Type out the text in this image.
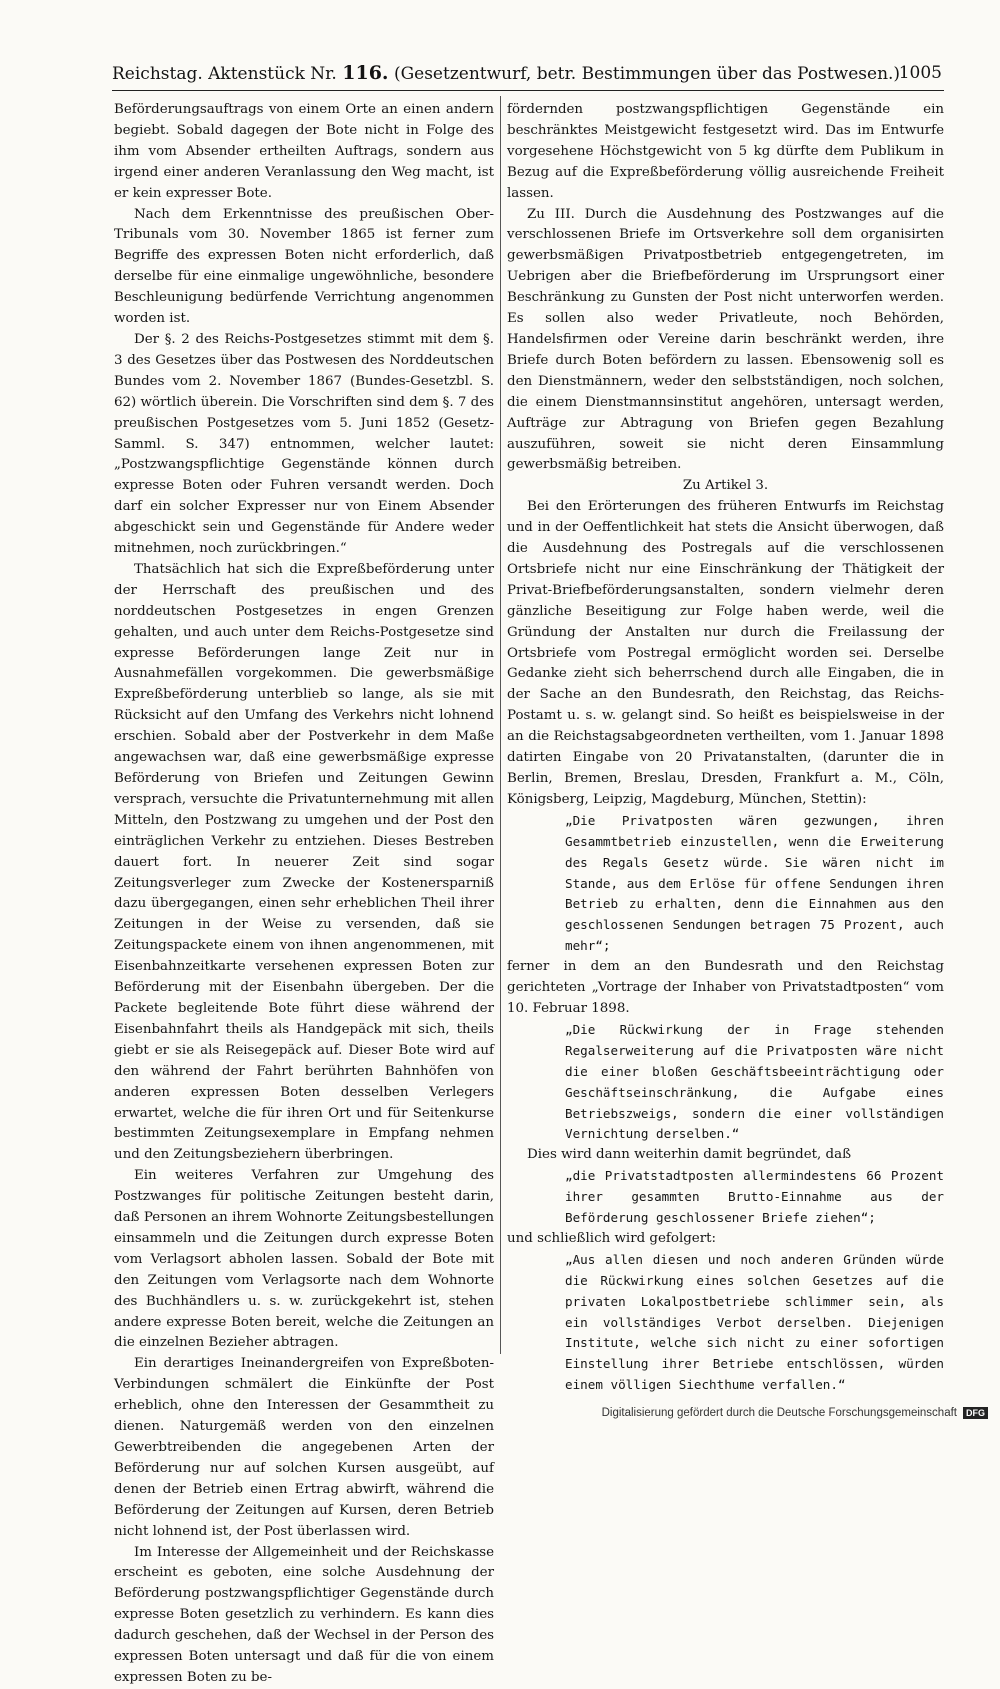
Reichstag. Aktenstück Nr. 116. (Gesetzentwurf, betr. Bestimmungen über das Postwesen.)
1005

Beförderungsauftrags von einem Orte an einen andern begiebt. Sobald dagegen der Bote nicht in Folge des ihm vom Absender ertheilten Auftrags, sondern aus irgend einer anderen Veranlassung den Weg macht, ist er kein expresser Bote.

Nach dem Erkenntnisse des preußischen Ober-Tribunals vom 30. November 1865 ist ferner zum Begriffe des expressen Boten nicht erforderlich, daß derselbe für eine einmalige ungewöhnliche, besondere Beschleunigung bedürfende Verrichtung angenommen worden ist.

Der §. 2 des Reichs-Postgesetzes stimmt mit dem §. 3 des Gesetzes über das Postwesen des Norddeutschen Bundes vom 2. November 1867 (Bundes-Gesetzbl. S. 62) wörtlich überein. Die Vorschriften sind dem §. 7 des preußischen Postgesetzes vom 5. Juni 1852 (Gesetz-Samml. S. 347) entnommen, welcher lautet: „Postzwangspflichtige Gegenstände können durch expresse Boten oder Fuhren versandt werden. Doch darf ein solcher Expresser nur von Einem Absender abgeschickt sein und Gegenstände für Andere weder mitnehmen, noch zurückbringen.“

Thatsächlich hat sich die Expreßbeförderung unter der Herrschaft des preußischen und des norddeutschen Postgesetzes in engen Grenzen gehalten, und auch unter dem Reichs-Postgesetze sind expresse Beförderungen lange Zeit nur in Ausnahmefällen vorgekommen. Die gewerbsmäßige Expreßbeförderung unterblieb so lange, als sie mit Rücksicht auf den Umfang des Verkehrs nicht lohnend erschien. Sobald aber der Postverkehr in dem Maße angewachsen war, daß eine gewerbsmäßige expresse Beförderung von Briefen und Zeitungen Gewinn versprach, versuchte die Privatunternehmung mit allen Mitteln, den Postzwang zu umgehen und der Post den einträglichen Verkehr zu entziehen. Dieses Bestreben dauert fort. In neuerer Zeit sind sogar Zeitungsverleger zum Zwecke der Kostenersparniß dazu übergegangen, einen sehr erheblichen Theil ihrer Zeitungen in der Weise zu versenden, daß sie Zeitungspackete einem von ihnen angenommenen, mit Eisenbahnzeitkarte versehenen expressen Boten zur Beförderung mit der Eisenbahn übergeben. Der die Packete begleitende Bote führt diese während der Eisenbahnfahrt theils als Handgepäck mit sich, theils giebt er sie als Reisegepäck auf. Dieser Bote wird auf den während der Fahrt berührten Bahnhöfen von anderen expressen Boten desselben Verlegers erwartet, welche die für ihren Ort und für Seitenkurse bestimmten Zeitungsexemplare in Empfang nehmen und den Zeitungsbeziehern überbringen.

Ein weiteres Verfahren zur Umgehung des Postzwanges für politische Zeitungen besteht darin, daß Personen an ihrem Wohnorte Zeitungsbestellungen einsammeln und die Zeitungen durch expresse Boten vom Verlagsort abholen lassen. Sobald der Bote mit den Zeitungen vom Verlagsorte nach dem Wohnorte des Buchhändlers u. s. w. zurückgekehrt ist, stehen andere expresse Boten bereit, welche die Zeitungen an die einzelnen Bezieher abtragen.

Ein derartiges Ineinandergreifen von Expreßboten-Verbindungen schmälert die Einkünfte der Post erheblich, ohne den Interessen der Gesammtheit zu dienen. Naturgemäß werden von den einzelnen Gewerbtreibenden die angegebenen Arten der Beförderung nur auf solchen Kursen ausgeübt, auf denen der Betrieb einen Ertrag abwirft, während die Beförderung der Zeitungen auf Kursen, deren Betrieb nicht lohnend ist, der Post überlassen wird.

Im Interesse der Allgemeinheit und der Reichskasse erscheint es geboten, eine solche Ausdehnung der Beförderung postzwangspflichtiger Gegenstände durch expresse Boten gesetzlich zu verhindern. Es kann dies dadurch geschehen, daß der Wechsel in der Person des expressen Boten untersagt und daß für die von einem expressen Boten zu be-

fördernden postzwangspflichtigen Gegenstände ein beschränktes Meistgewicht festgesetzt wird. Das im Entwurfe vorgesehene Höchstgewicht von 5 kg dürfte dem Publikum in Bezug auf die Expreßbeförderung völlig ausreichende Freiheit lassen.

Zu III. Durch die Ausdehnung des Postzwanges auf die verschlossenen Briefe im Ortsverkehre soll dem organisirten gewerbsmäßigen Privatpostbetrieb entgegengetreten, im Uebrigen aber die Briefbeförderung im Ursprungsort einer Beschränkung zu Gunsten der Post nicht unterworfen werden. Es sollen also weder Privatleute, noch Behörden, Handelsfirmen oder Vereine darin beschränkt werden, ihre Briefe durch Boten befördern zu lassen. Ebensowenig soll es den Dienstmännern, weder den selbstständigen, noch solchen, die einem Dienstmannsinstitut angehören, untersagt werden, Aufträge zur Abtragung von Briefen gegen Bezahlung auszuführen, soweit sie nicht deren Einsammlung gewerbsmäßig betreiben.

Zu Artikel 3.

Bei den Erörterungen des früheren Entwurfs im Reichstag und in der Oeffentlichkeit hat stets die Ansicht überwogen, daß die Ausdehnung des Postregals auf die verschlossenen Ortsbriefe nicht nur eine Einschränkung der Thätigkeit der Privat-Briefbeförderungsanstalten, sondern vielmehr deren gänzliche Beseitigung zur Folge haben werde, weil die Gründung der Anstalten nur durch die Freilassung der Ortsbriefe vom Postregal ermöglicht worden sei. Derselbe Gedanke zieht sich beherrschend durch alle Eingaben, die in der Sache an den Bundesrath, den Reichstag, das Reichs-Postamt u. s. w. gelangt sind. So heißt es beispielsweise in der an die Reichstagsabgeordneten vertheilten, vom 1. Januar 1898 datirten Eingabe von 20 Privatanstalten, (darunter die in Berlin, Bremen, Breslau, Dresden, Frankfurt a. M., Cöln, Königsberg, Leipzig, Magdeburg, München, Stettin):

„Die Privatposten wären gezwungen, ihren Gesammtbetrieb einzustellen, wenn die Erweiterung des Regals Gesetz würde. Sie wären nicht im Stande, aus dem Erlöse für offene Sendungen ihren Betrieb zu erhalten, denn die Einnahmen aus den geschlossenen Sendungen betragen 75 Prozent, auch mehr“;

ferner in dem an den Bundesrath und den Reichstag gerichteten „Vortrage der Inhaber von Privatstadtposten“ vom 10. Februar 1898.

„Die Rückwirkung der in Frage stehenden Regalserweiterung auf die Privatposten wäre nicht die einer bloßen Geschäftsbeeinträchtigung oder Geschäftseinschränkung, die Aufgabe eines Betriebszweigs, sondern die einer vollständigen Vernichtung derselben.“

Dies wird dann weiterhin damit begründet, daß

„die Privatstadtposten allermindestens 66 Prozent ihrer gesammten Brutto-Einnahme aus der Beförderung geschlossener Briefe ziehen“;

und schließlich wird gefolgert:

„Aus allen diesen und noch anderen Gründen würde die Rückwirkung eines solchen Gesetzes auf die privaten Lokalpostbetriebe schlimmer sein, als ein vollständiges Verbot derselben. Diejenigen Institute, welche sich nicht zu einer sofortigen Einstellung ihrer Betriebe entschlössen, würden einem völligen Siechthume verfallen.“

Digitalisierung gefördert durch die Deutsche Forschungsgemeinschaft	DFG
